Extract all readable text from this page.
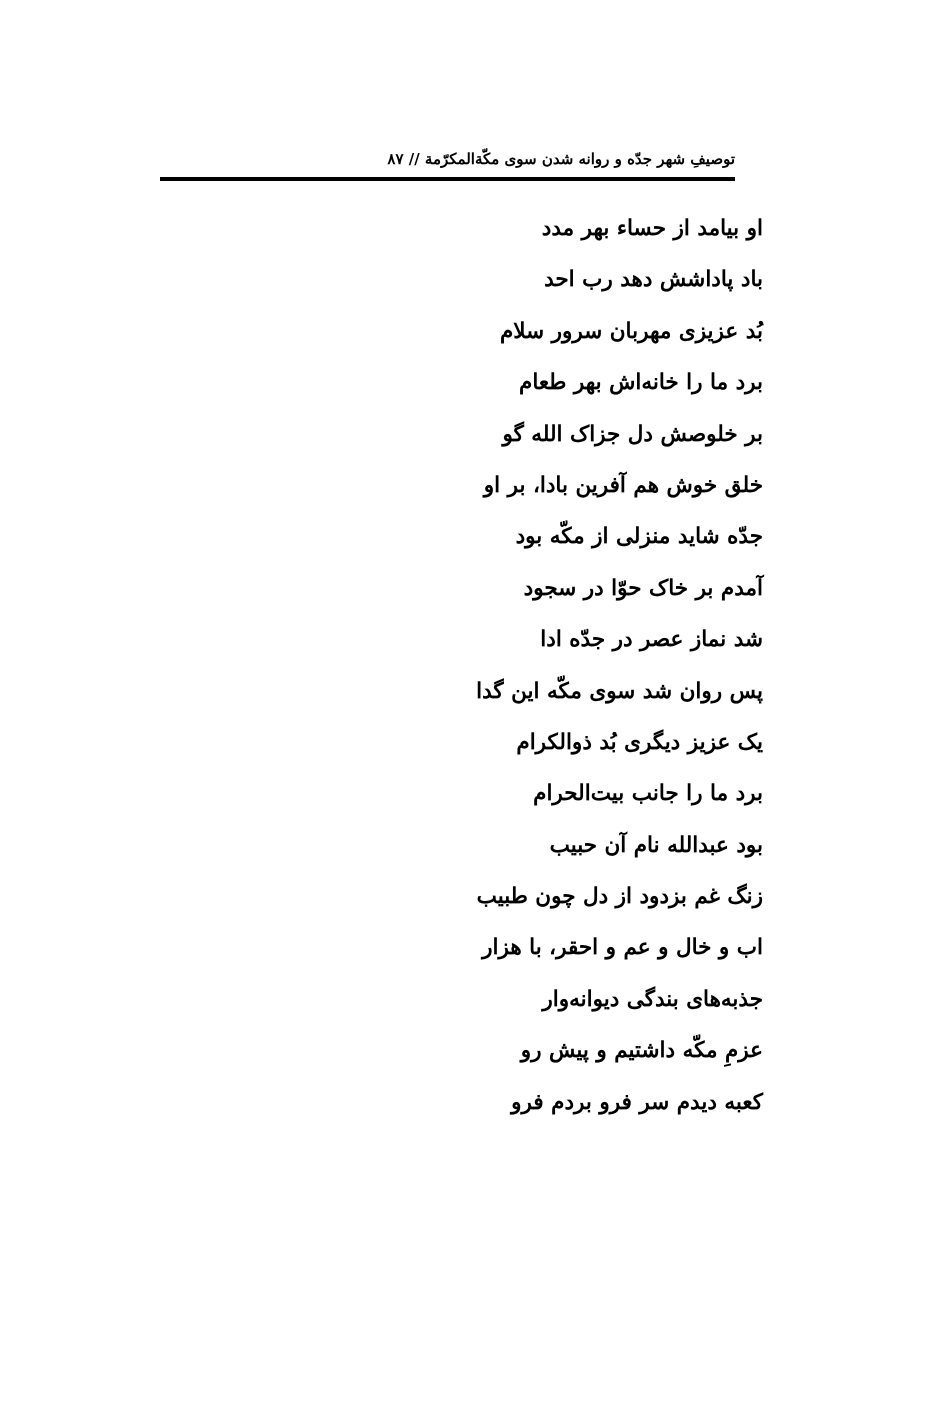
توصیفِ شهر جدّه و روانه شدن سوی مکّةالمکرّمة // ۸۷
او بیامد از حساء بهر مدد
باد پاداشش دهد رب احد
بُد عزیزی مهربان سرور سلام
برد ما را خانه‌اش بهر طعام
بر خلوصش دل جزاک الله گو
خلق خوش هم آفرین بادا، بر او
جدّه شاید منزلی از مکّه بود
آمدم بر خاک حوّا در سجود
شد نماز عصر در جدّه ادا
پس روان شد سوی مکّه این گدا
یک عزیز دیگری بُد ذوالکرام
برد ما را جانب بیت‌الحرام
بود عبدالله نام آن حبیب
زنگ غم بزدود از دل چون طبیب
اب و خال و عم و احقر، با هزار
جذبه‌های بندگی دیوانه‌وار
عزمِ مکّه داشتیم و پیش رو
کعبه دیدم سر فرو بردم فرو
